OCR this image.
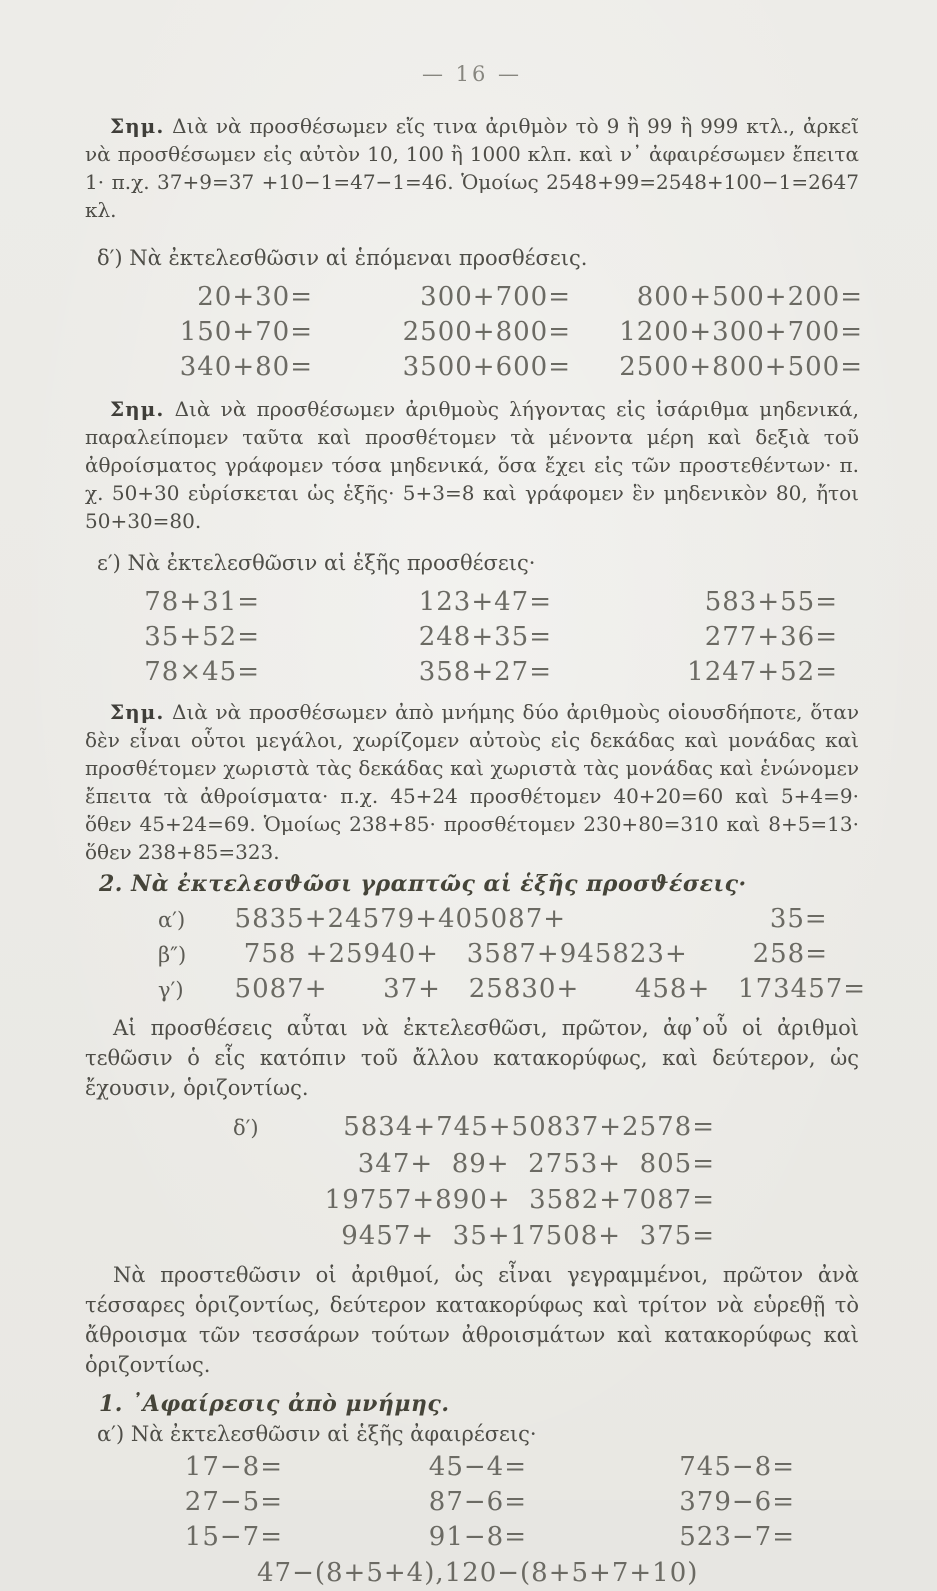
— 16 —

Σημ. Διὰ νὰ προσθέσωμεν εἴς τινα ἀριθμὸν τὸ 9 ἢ 99 ἢ 999 κτλ., ἀρκεῖ νὰ προσθέσωμεν εἰς αὐτὸν 10, 100 ἢ 1000 κλπ. καὶ ν᾽ ἀφαιρέσωμεν ἔπειτα 1· π.χ. 37+9=37 +10−1=47−1=46. Ὁμοίως 2548+99=2548+100−1=2647 κλ.

δ′) Νὰ ἐκτελεσθῶσιν αἱ ἑπόμεναι προσθέσεις.
20+30=	300+700=	800+500+200=
150+70=	2500+800=	1200+300+700=
340+80=	3500+600=	2500+800+500=

Σημ. Διὰ νὰ προσθέσωμεν ἀριθμοὺς λήγοντας εἰς ἰσάριθμα μηδενικά, παραλείπομεν ταῦτα καὶ προσθέτομεν τὰ μένοντα μέρη καὶ δεξιὰ τοῦ ἀθροίσματος γράφομεν τόσα μηδενικά, ὅσα ἔχει εἰς τῶν προστεθέντων· π. χ. 50+30 εὑρίσκεται ὡς ἑξῆς· 5+3=8 καὶ γράφομεν ἓν μηδενικὸν 80, ἤτοι 50+30=80.

ε′) Νὰ ἐκτελεσθῶσιν αἱ ἑξῆς προσθέσεις·
78+31=	123+47=	583+55=
35+52=	248+35=	277+36=
78×45=	358+27=	1247+52=

Σημ. Διὰ νὰ προσθέσωμεν ἀπὸ μνήμης δύο ἀριθμοὺς οἱουσδήποτε, ὅταν δὲν εἶναι οὗτοι μεγάλοι, χωρίζομεν αὐτοὺς εἰς δεκάδας καὶ μονάδας καὶ προσθέτομεν χωριστὰ τὰς δεκάδας καὶ χωριστὰ τὰς μονάδας καὶ ἑνώνομεν ἔπειτα τὰ ἀθροίσματα· π.χ. 45+24 προσθέτομεν 40+20=60 καὶ 5+4=9· ὅθεν 45+24=69. Ὁμοίως 238+85· προσθέτομεν 230+80=310 καὶ 8+5=13· ὅθεν 238+85=323.

2. Νὰ ἐκτελεσϑῶσι γραπτῶς αἱ ἑξῆς προσϑέσεις·
α′)	5835+24579+405087+                      35=
β″)	758 +25940+   3587+945823+       258=
γ′)	5087+      37+   25830+      458+   173457=

Αἱ προσθέσεις αὗται νὰ ἐκτελεσθῶσι, πρῶτον, ἀφ᾽οὗ οἱ ἀριθμοὶ τεθῶσιν ὁ εἷς κατόπιν τοῦ ἄλλου κατακορύφως, καὶ δεύτερον, ὡς ἔχουσιν, ὁριζοντίως.

δ′)	5834+745+50837+2578=
347+  89+  2753+  805=
19757+890+  3582+7087=
9457+  35+17508+  375=

Νὰ προστεθῶσιν οἱ ἀριθμοί, ὡς εἶναι γεγραμμένοι, πρῶτον ἀνὰ τέσσαρες ὁριζοντίως, δεύτερον κατακορύφως καὶ τρίτον νὰ εὑρεθῇ τὸ ἄθροισμα τῶν τεσσάρων τούτων ἀθροισμάτων καὶ κατακορύφως καὶ ὁριζοντίως.

1. ᾿Αφαίρεσις ἀπὸ μνήμης.
α′) Νὰ ἐκτελεσθῶσιν αἱ ἑξῆς ἀφαιρέσεις·
17−8=	45−4=	745−8=
27−5=	87−6=	379−6=
15−7=	91−8=	523−7=
47−(8+5+4),120−(8+5+7+10)
